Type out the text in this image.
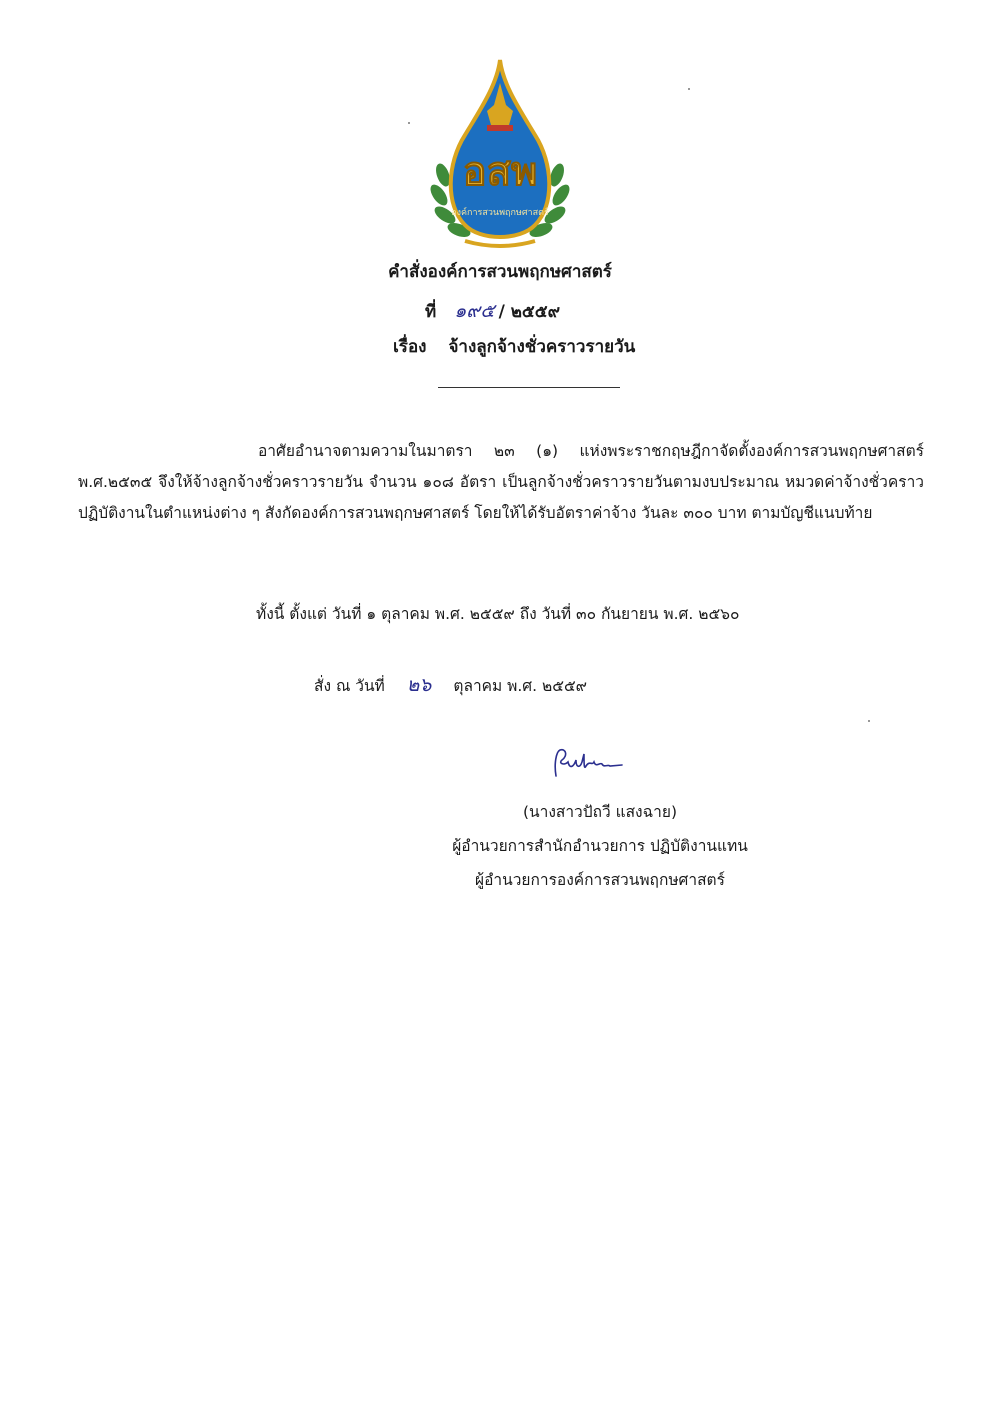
อสพ
องค์การสวนพฤกษศาสตร์
คำสั่งองค์การสวนพฤกษศาสตร์
ที่ ๑๙๕ / ๒๕๕๙
เรื่อง จ้างลูกจ้างชั่วคราวรายวัน
อาศัยอำนาจตามความในมาตรา ๒๓ (๑) แห่งพระราชกฤษฎีกาจัดตั้งองค์การสวนพฤกษศาสตร์ พ.ศ.๒๕๓๕ จึงให้จ้างลูกจ้างชั่วคราวรายวัน จำนวน ๑๐๘ อัตรา เป็นลูกจ้างชั่วคราวรายวันตามงบประมาณ หมวดค่าจ้างชั่วคราว ปฏิบัติงานในตำแหน่งต่าง ๆ สังกัดองค์การสวนพฤกษศาสตร์ โดยให้ได้รับอัตราค่าจ้าง วันละ ๓๐๐ บาท ตามบัญชีแนบท้าย
ทั้งนี้ ตั้งแต่ วันที่ ๑ ตุลาคม พ.ศ. ๒๕๕๙ ถึง วันที่ ๓๐ กันยายน พ.ศ. ๒๕๖๐
สั่ง ณ วันที่ ๒๖ ตุลาคม พ.ศ. ๒๕๕๙
(นางสาวปัถวี แสงฉาย)
ผู้อำนวยการสำนักอำนวยการ ปฏิบัติงานแทน
ผู้อำนวยการองค์การสวนพฤกษศาสตร์
